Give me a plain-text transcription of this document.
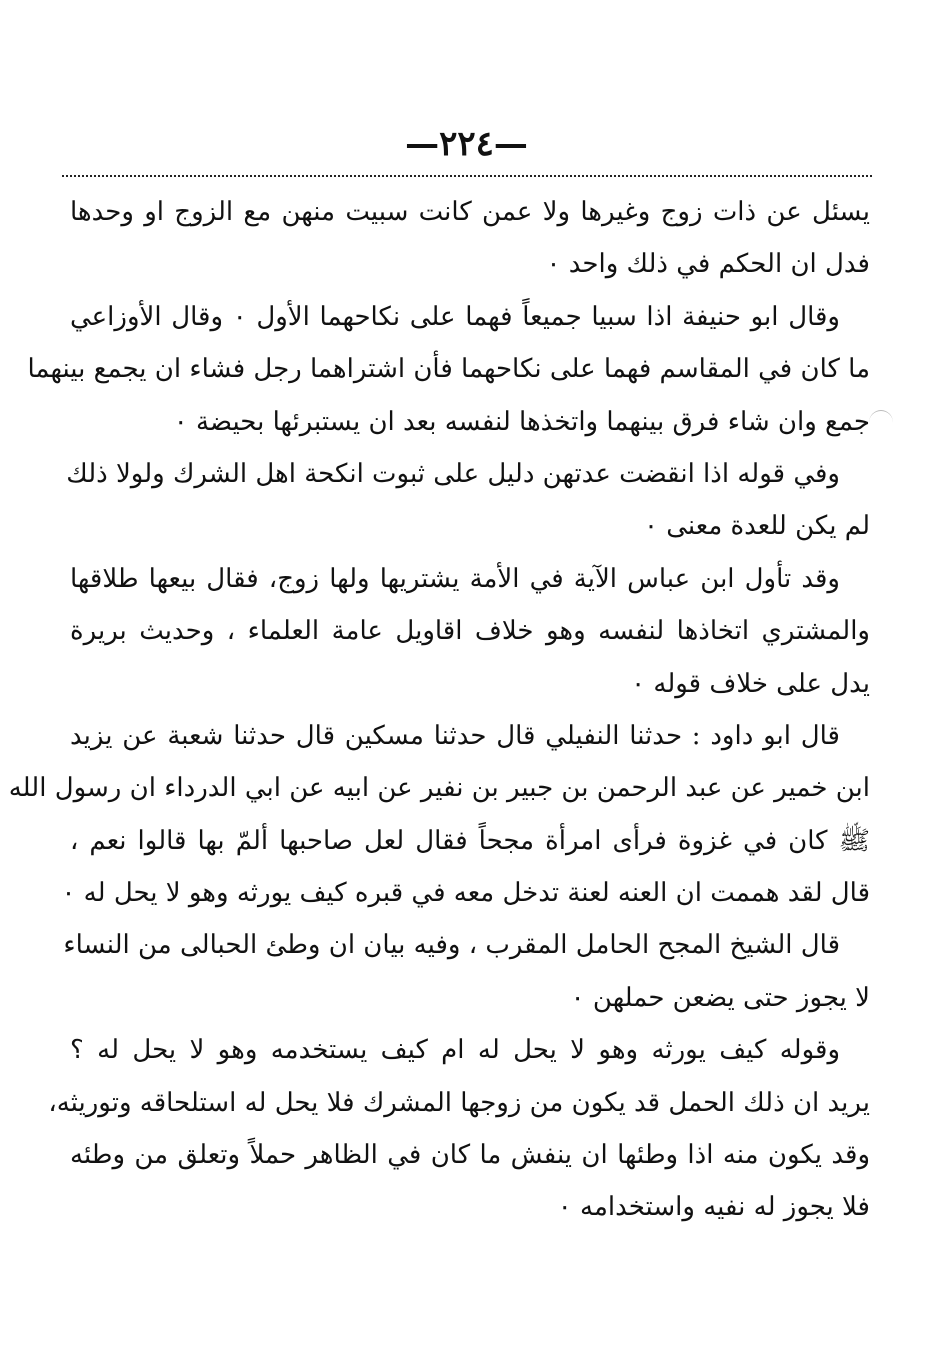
—٢٢٤—
يسئل عن ذات زوج وغيرها ولا عمن كانت سبيت منهن مع الزوج او وحدها
فدل ان الحكم في ذلك واحد ٠
وقال ابو حنيفة اذا سبيا جميعاً فهما على نكاحهما الأول ٠ وقال الأوزاعي
ما كان في المقاسم فهما على نكاحهما فأن اشتراهما رجل فشاء ان يجمع بينهما
جمع وان شاء فرق بينهما واتخذها لنفسه بعد ان يستبرئها بحيضة ٠
وفي قوله اذا انقضت عدتهن دليل على ثبوت انكحة اهل الشرك ولولا ذلك
لم يكن للعدة معنى ٠
وقد تأول ابن عباس الآية في الأمة يشتريها ولها زوج، فقال بيعها طلاقها
والمشتري اتخاذها لنفسه وهو خلاف اقاويل عامة العلماء ، وحديث بريرة
يدل على خلاف قوله ٠
قال ابو داود : حدثنا النفيلي قال حدثنا مسكين قال حدثنا شعبة عن يزيد
ابن خمير عن عبد الرحمن بن جبير بن نفير عن ابيه عن ابي الدرداء ان رسول الله
ﷺ كان في غزوة فرأى امرأة مجحاً فقال لعل صاحبها ألمّ بها قالوا نعم ،
قال لقد هممت ان العنه لعنة تدخل معه في قبره كيف يورثه وهو لا يحل له ٠
قال الشيخ المجح الحامل المقرب ، وفيه بيان ان وطئ الحبالى من النساء
لا يجوز حتى يضعن حملهن ٠
وقوله كيف يورثه وهو لا يحل له ام كيف يستخدمه وهو لا يحل له ؟
يريد ان ذلك الحمل قد يكون من زوجها المشرك فلا يحل له استلحاقه وتوريثه،
وقد يكون منه اذا وطئها ان ينفش ما كان في الظاهر حملاً وتعلق من وطئه
فلا يجوز له نفيه واستخدامه ٠
